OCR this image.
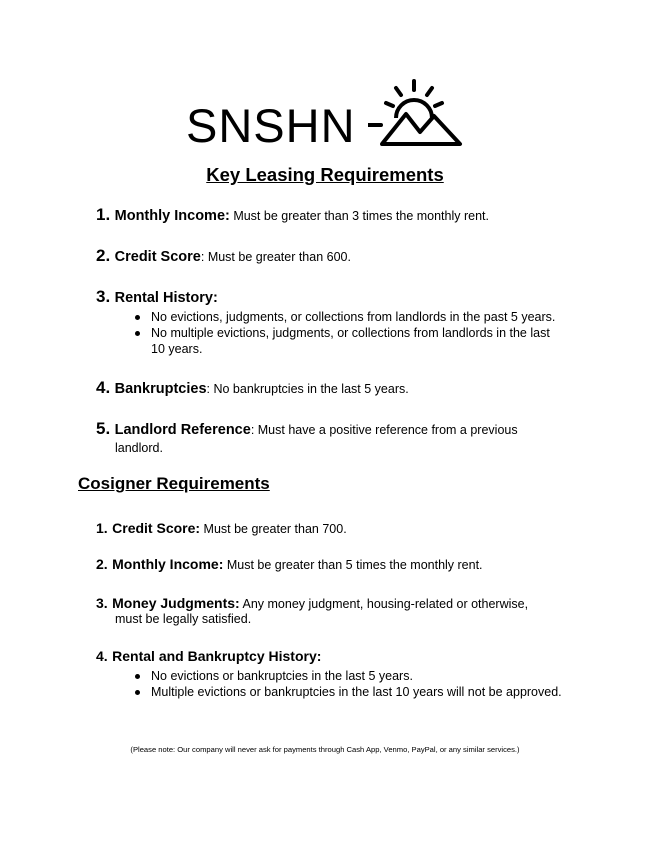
SNSHN
Key Leasing Requirements
1. Monthly Income: Must be greater than 3 times the monthly rent.
2. Credit Score: Must be greater than 600.
3. Rental History:
No evictions, judgments, or collections from landlords in the past 5 years.
No multiple evictions, judgments, or collections from landlords in the last
10 years.
4. Bankruptcies: No bankruptcies in the last 5 years.
5. Landlord Reference: Must have a positive reference from a previous
landlord.
Cosigner Requirements
1. Credit Score: Must be greater than 700.
2. Monthly Income: Must be greater than 5 times the monthly rent.
3. Money Judgments: Any money judgment, housing-related or otherwise,
must be legally satisfied.
4. Rental and Bankruptcy History:
No evictions or bankruptcies in the last 5 years.
Multiple evictions or bankruptcies in the last 10 years will not be approved.
(Please note: Our company will never ask for payments through Cash App, Venmo, PayPal, or any similar services.)
